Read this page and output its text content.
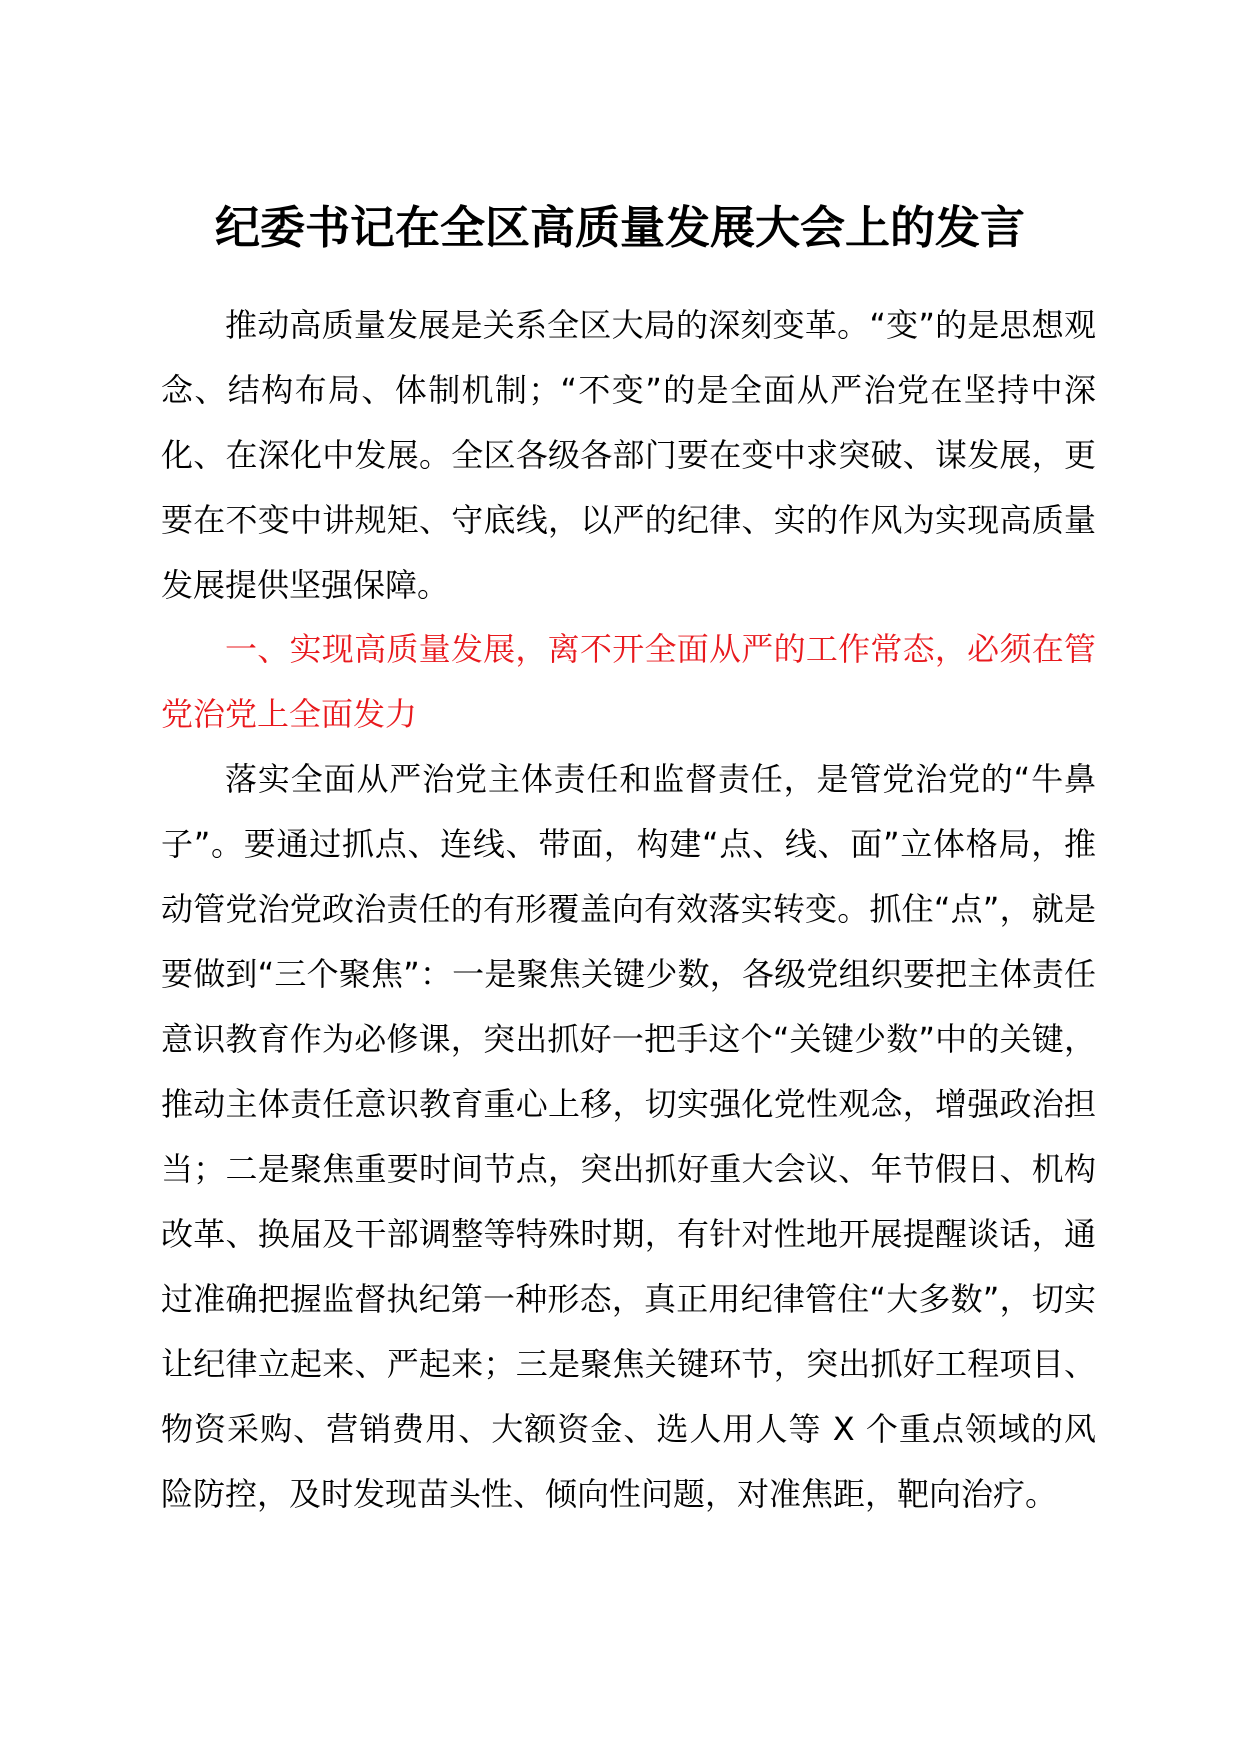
纪委书记在全区高质量发展大会上的发言

推动高质量发展是关系全区大局的深刻变革。“变”的是思想观念、结构布局、体制机制；“不变”的是全面从严治党在坚持中深化、在深化中发展。全区各级各部门要在变中求突破、谋发展，更要在不变中讲规矩、守底线，以严的纪律、实的作风为实现高质量发展提供坚强保障。

一、实现高质量发展，离不开全面从严的工作常态，必须在管党治党上全面发力

落实全面从严治党主体责任和监督责任，是管党治党的“牛鼻子”。要通过抓点、连线、带面，构建“点、线、面”立体格局，推动管党治党政治责任的有形覆盖向有效落实转变。抓住“点”，就是要做到“三个聚焦”：一是聚焦关键少数，各级党组织要把主体责任意识教育作为必修课，突出抓好一把手这个“关键少数”中的关键，推动主体责任意识教育重心上移，切实强化党性观念，增强政治担当；二是聚焦重要时间节点，突出抓好重大会议、年节假日、机构改革、换届及干部调整等特殊时期，有针对性地开展提醒谈话，通过准确把握监督执纪第一种形态，真正用纪律管住“大多数”，切实让纪律立起来、严起来；三是聚焦关键环节，突出抓好工程项目、物资采购、营销费用、大额资金、选人用人等 X 个重点领域的风险防控，及时发现苗头性、倾向性问题，对准焦距，靶向治疗。
